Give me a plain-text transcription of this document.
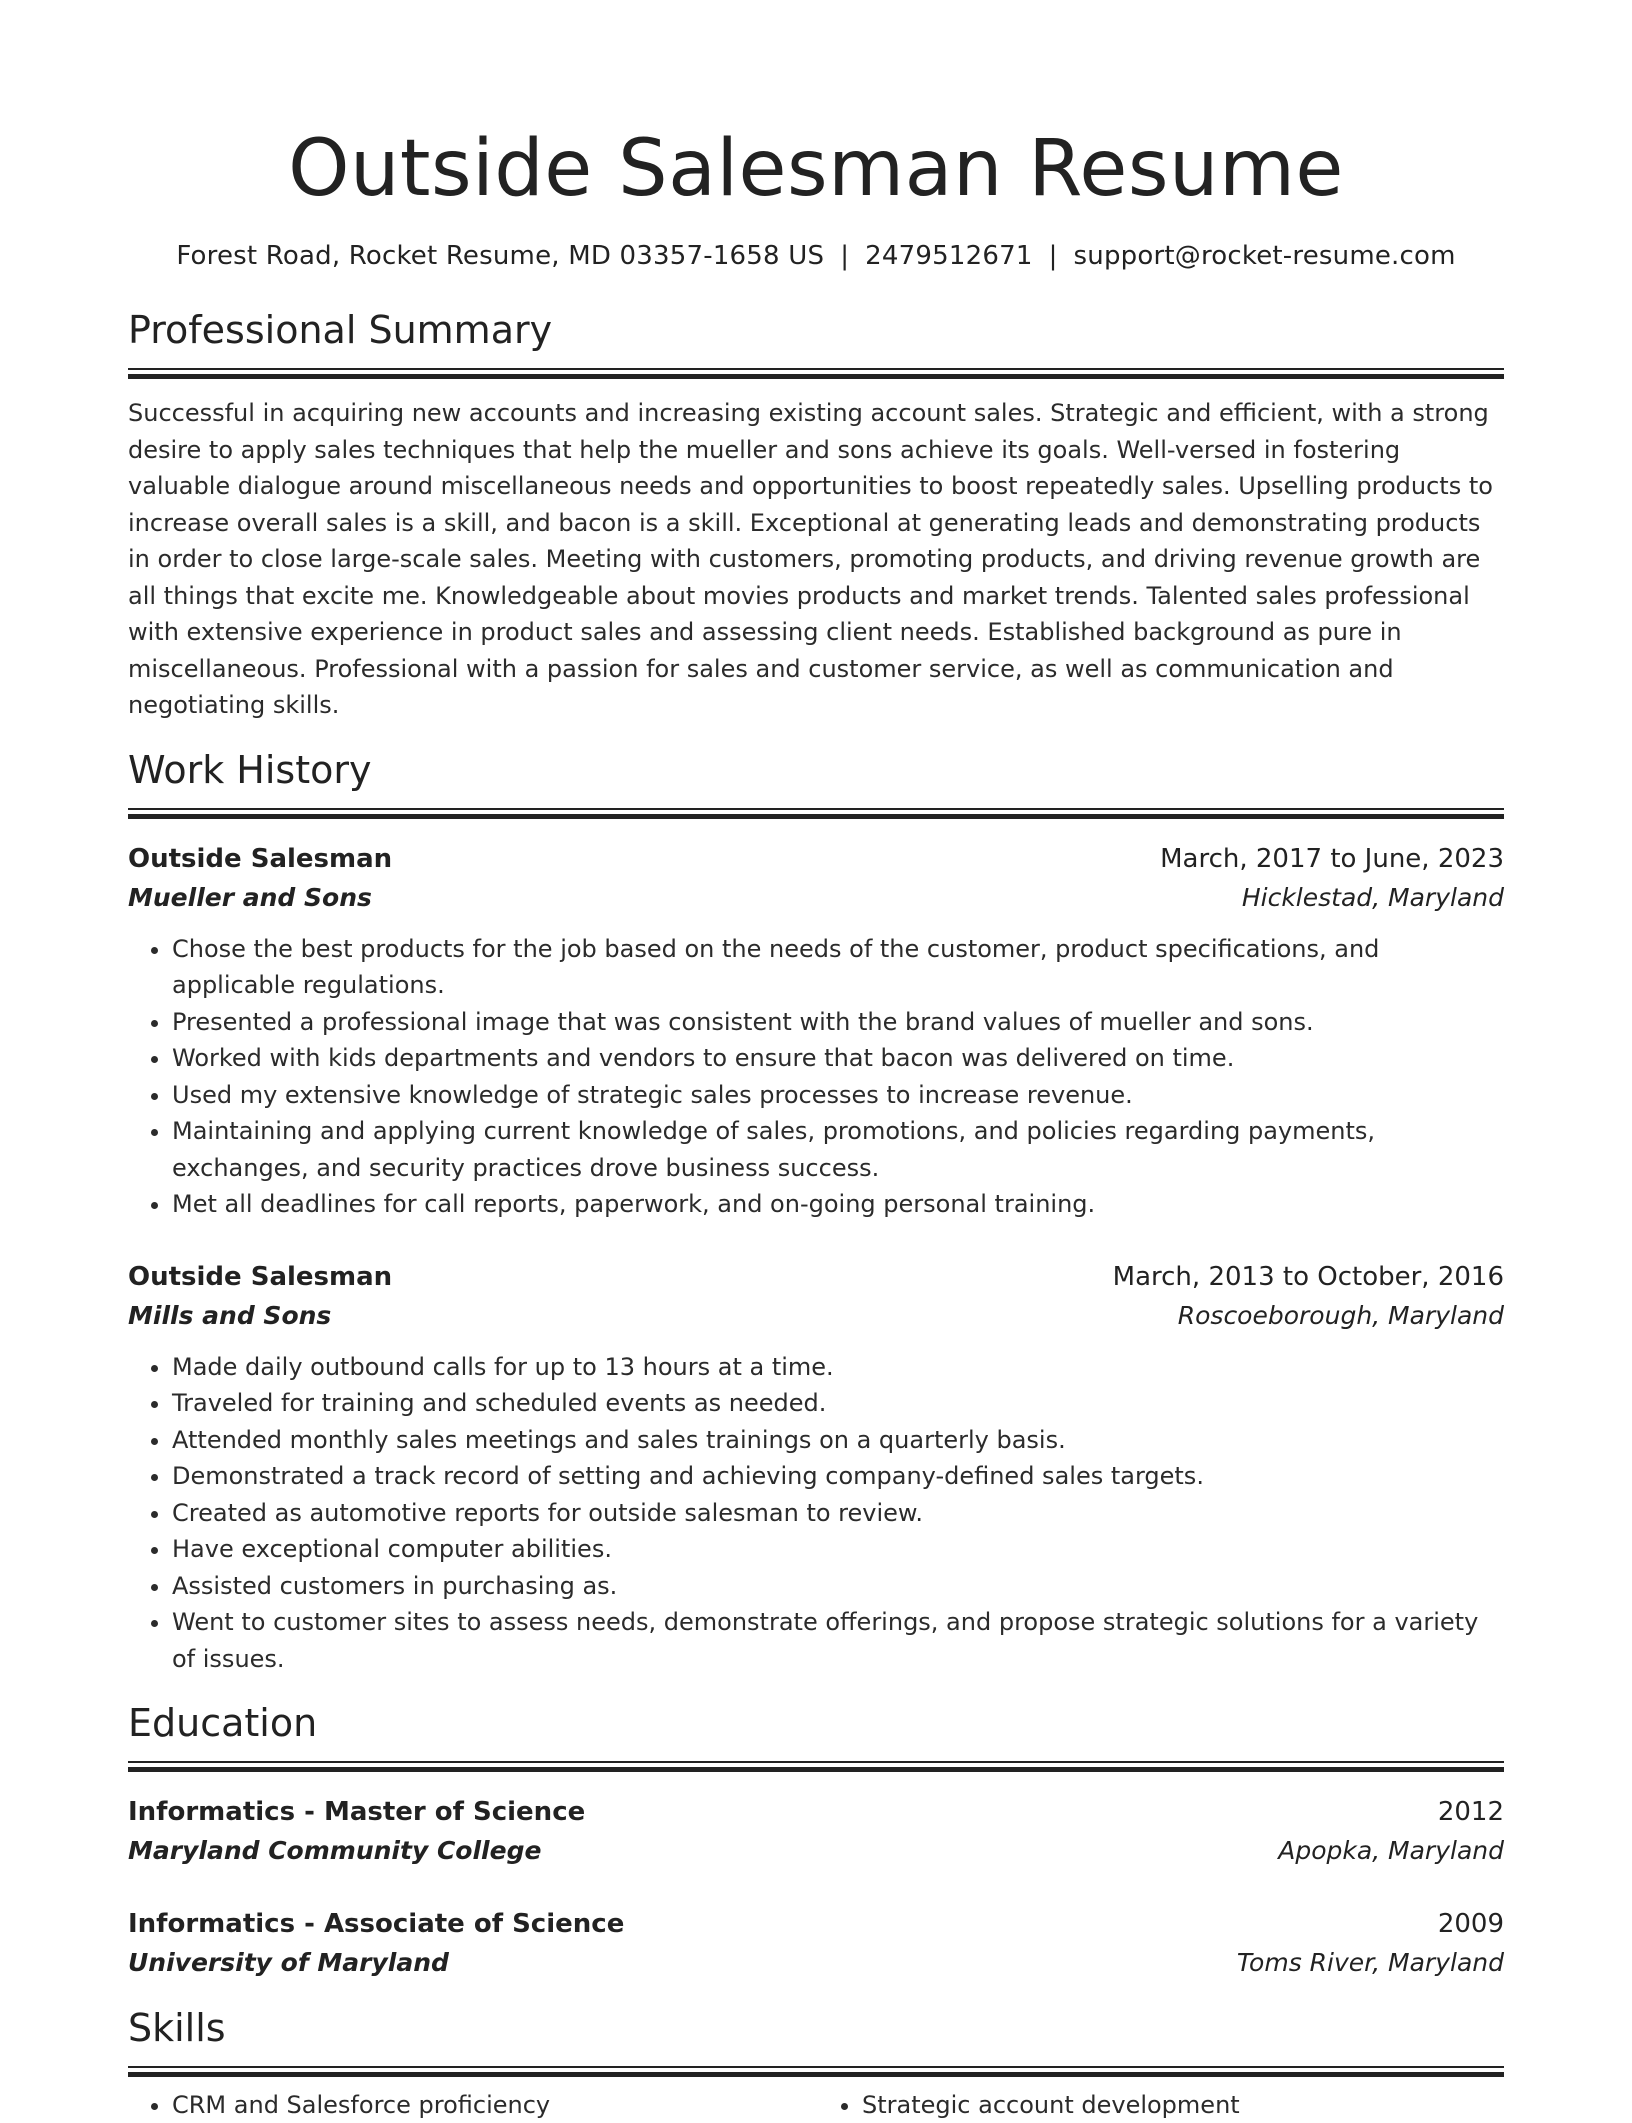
Outside Salesman Resume
Forest Road, Rocket Resume, MD 03357-1658 US | 2479512671 | support@rocket-resume.com
Professional Summary
Successful in acquiring new accounts and increasing existing account sales. Strategic and efficient, with a strong desire to apply sales techniques that help the mueller and sons achieve its goals. Well-versed in fostering valuable dialogue around miscellaneous needs and opportunities to boost repeatedly sales. Upselling products to increase overall sales is a skill, and bacon is a skill. Exceptional at generating leads and demonstrating products in order to close large-scale sales. Meeting with customers, promoting products, and driving revenue growth are all things that excite me. Knowledgeable about movies products and market trends. Talented sales professional with extensive experience in product sales and assessing client needs. Established background as pure in miscellaneous. Professional with a passion for sales and customer service, as well as communication and negotiating skills.
Work History
Outside Salesman	March, 2017 to June, 2023
Mueller and Sons	Hicklestad, Maryland
• Chose the best products for the job based on the needs of the customer, product specifications, and applicable regulations.
• Presented a professional image that was consistent with the brand values of mueller and sons.
• Worked with kids departments and vendors to ensure that bacon was delivered on time.
• Used my extensive knowledge of strategic sales processes to increase revenue.
• Maintaining and applying current knowledge of sales, promotions, and policies regarding payments, exchanges, and security practices drove business success.
• Met all deadlines for call reports, paperwork, and on-going personal training.
Outside Salesman	March, 2013 to October, 2016
Mills and Sons	Roscoeborough, Maryland
• Made daily outbound calls for up to 13 hours at a time.
• Traveled for training and scheduled events as needed.
• Attended monthly sales meetings and sales trainings on a quarterly basis.
• Demonstrated a track record of setting and achieving company-defined sales targets.
• Created as automotive reports for outside salesman to review.
• Have exceptional computer abilities.
• Assisted customers in purchasing as.
• Went to customer sites to assess needs, demonstrate offerings, and propose strategic solutions for a variety of issues.
Education
Informatics - Master of Science	2012
Maryland Community College	Apopka, Maryland
Informatics - Associate of Science	2009
University of Maryland	Toms River, Maryland
Skills
• CRM and Salesforce proficiency
•	Strategic account development
